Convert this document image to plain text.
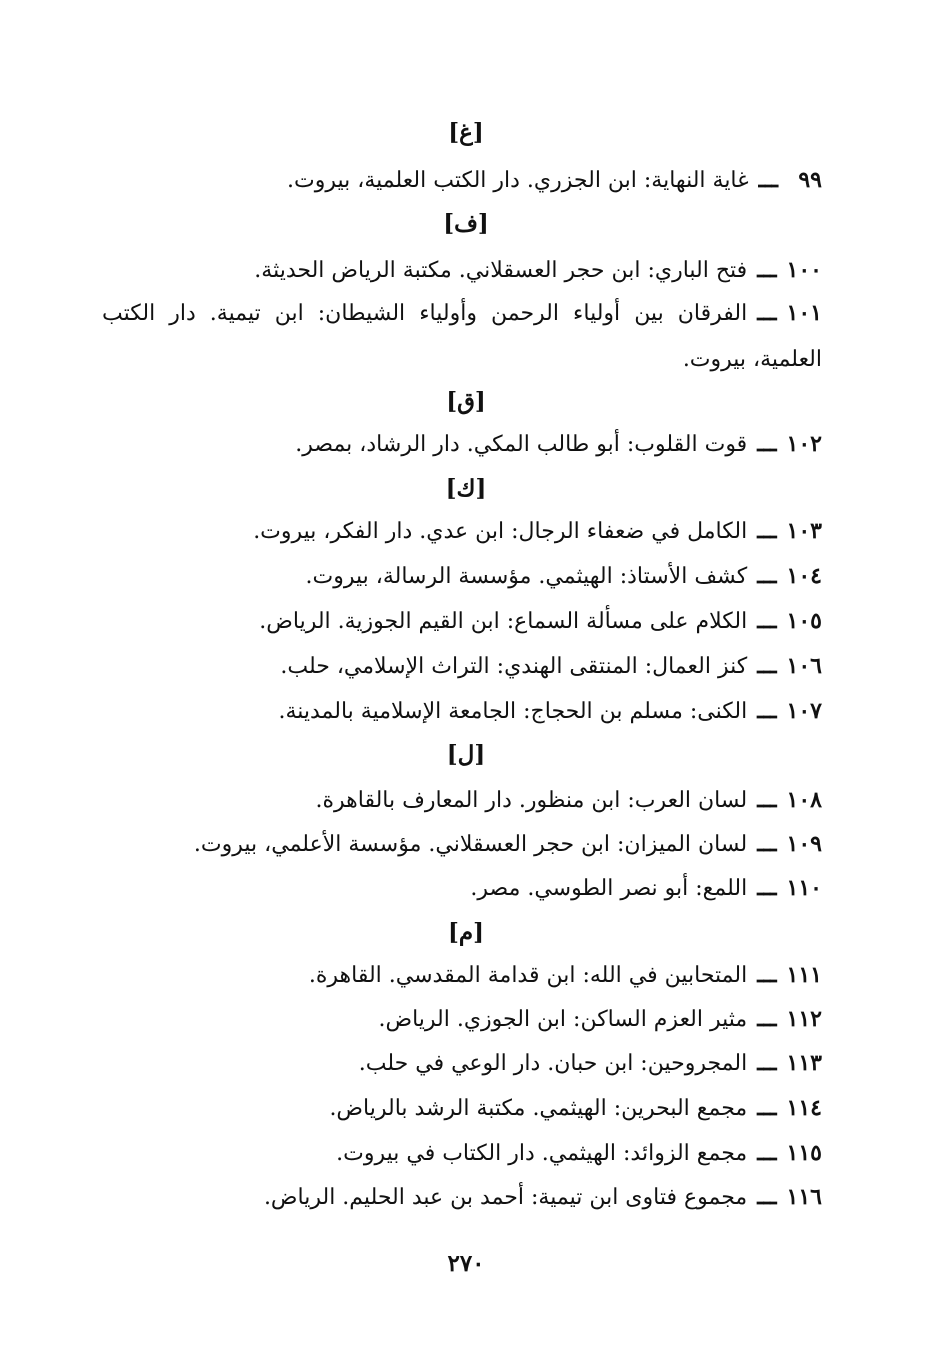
[غ]
٩٩ـــغاية النهاية: ابن الجزري. دار الكتب العلمية، بيروت.
[ف]
١٠٠ـــفتح الباري: ابن حجر العسقلاني. مكتبة الرياض الحديثة.
١٠١ـــالفرقان بين أولياء الرحمن وأولياء الشيطان: ابن تيمية. دار الكتب العلمية، بيروت.
[ق]
١٠٢ـــقوت القلوب: أبو طالب المكي. دار الرشاد، بمصر.
[ك]
١٠٣ـــالكامل في ضعفاء الرجال: ابن عدي. دار الفكر، بيروت.
١٠٤ـــكشف الأستاذ: الهيثمي. مؤسسة الرسالة، بيروت.
١٠٥ـــالكلام على مسألة السماع: ابن القيم الجوزية. الرياض.
١٠٦ـــكنز العمال: المنتقى الهندي: التراث الإسلامي، حلب.
١٠٧ـــالكنى: مسلم بن الحجاج: الجامعة الإسلامية بالمدينة.
[ل]
١٠٨ـــلسان العرب: ابن منظور. دار المعارف بالقاهرة.
١٠٩ـــلسان الميزان: ابن حجر العسقلاني. مؤسسة الأعلمي، بيروت.
١١٠ـــاللمع: أبو نصر الطوسي. مصر.
[م]
١١١ـــالمتحابين في الله: ابن قدامة المقدسي. القاهرة.
١١٢ـــمثير العزم الساكن: ابن الجوزي. الرياض.
١١٣ـــالمجروحين: ابن حبان. دار الوعي في حلب.
١١٤ـــمجمع البحرين: الهيثمي. مكتبة الرشد بالرياض.
١١٥ـــمجمع الزوائد: الهيثمي. دار الكتاب في بيروت.
١١٦ـــمجموع فتاوى ابن تيمية: أحمد بن عبد الحليم. الرياض.
٢٧٠
